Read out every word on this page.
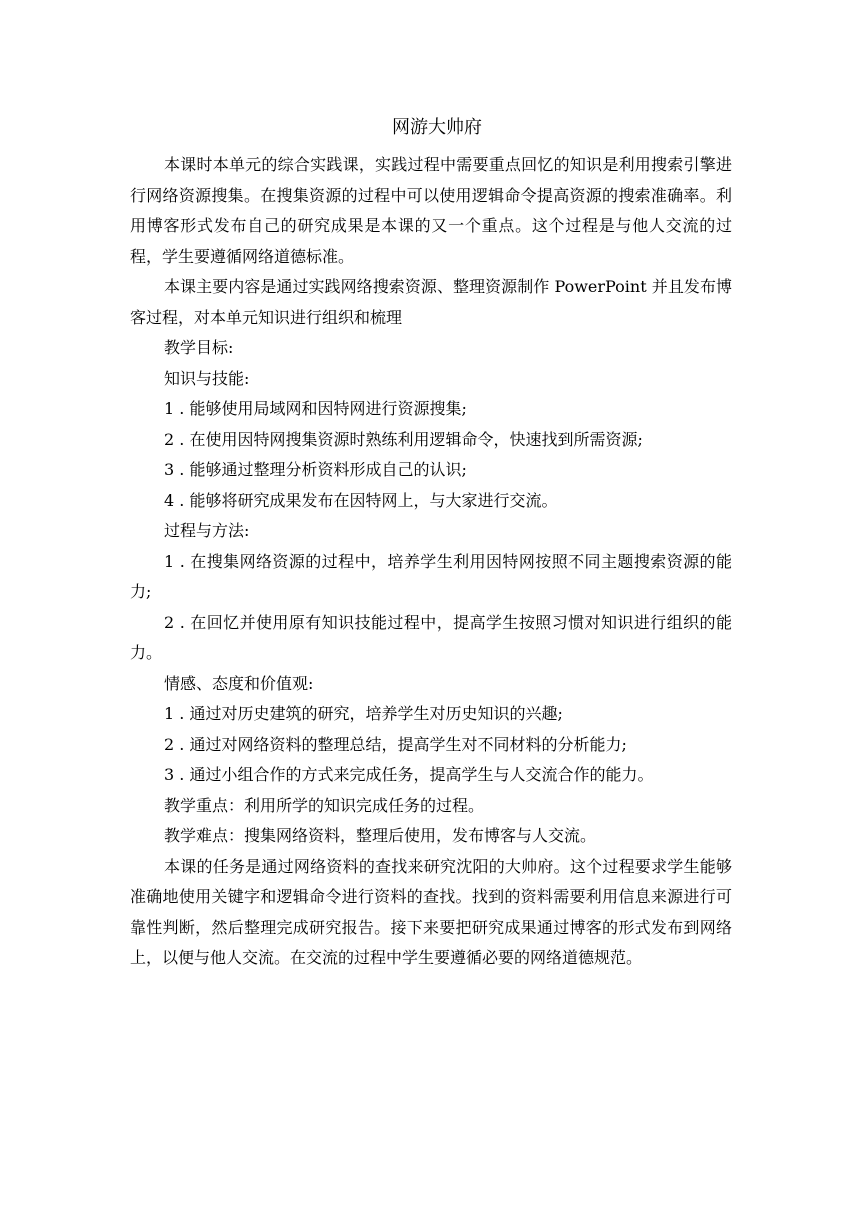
网游大帅府

本课时本单元的综合实践课，实践过程中需要重点回忆的知识是利用搜索引擎进行网络资源搜集。在搜集资源的过程中可以使用逻辑命令提高资源的搜索准确率。利用博客形式发布自己的研究成果是本课的又一个重点。这个过程是与他人交流的过程，学生要遵循网络道德标准。

本课主要内容是通过实践网络搜索资源、整理资源制作 PowerPoint 并且发布博客过程，对本单元知识进行组织和梳理

教学目标:

知识与技能:

1 . 能够使用局域网和因特网进行资源搜集;

2 . 在使用因特网搜集资源时熟练利用逻辑命令，快速找到所需资源;

3 . 能够通过整理分析资料形成自己的认识;

4 . 能够将研究成果发布在因特网上，与大家进行交流。

过程与方法:

1 . 在搜集网络资源的过程中，培养学生利用因特网按照不同主题搜索资源的能力;

2 . 在回忆并使用原有知识技能过程中，提高学生按照习惯对知识进行组织的能力。

情感、态度和价值观:

1 . 通过对历史建筑的研究，培养学生对历史知识的兴趣;

2 . 通过对网络资料的整理总结，提高学生对不同材料的分析能力;

3 . 通过小组合作的方式来完成任务，提高学生与人交流合作的能力。

教学重点：利用所学的知识完成任务的过程。

教学难点：搜集网络资料，整理后使用，发布博客与人交流。

本课的任务是通过网络资料的查找来研究沈阳的大帅府。这个过程要求学生能够准确地使用关键字和逻辑命令进行资料的查找。找到的资料需要利用信息来源进行可靠性判断，然后整理完成研究报告。接下来要把研究成果通过博客的形式发布到网络上，以便与他人交流。在交流的过程中学生要遵循必要的网络道德规范。
